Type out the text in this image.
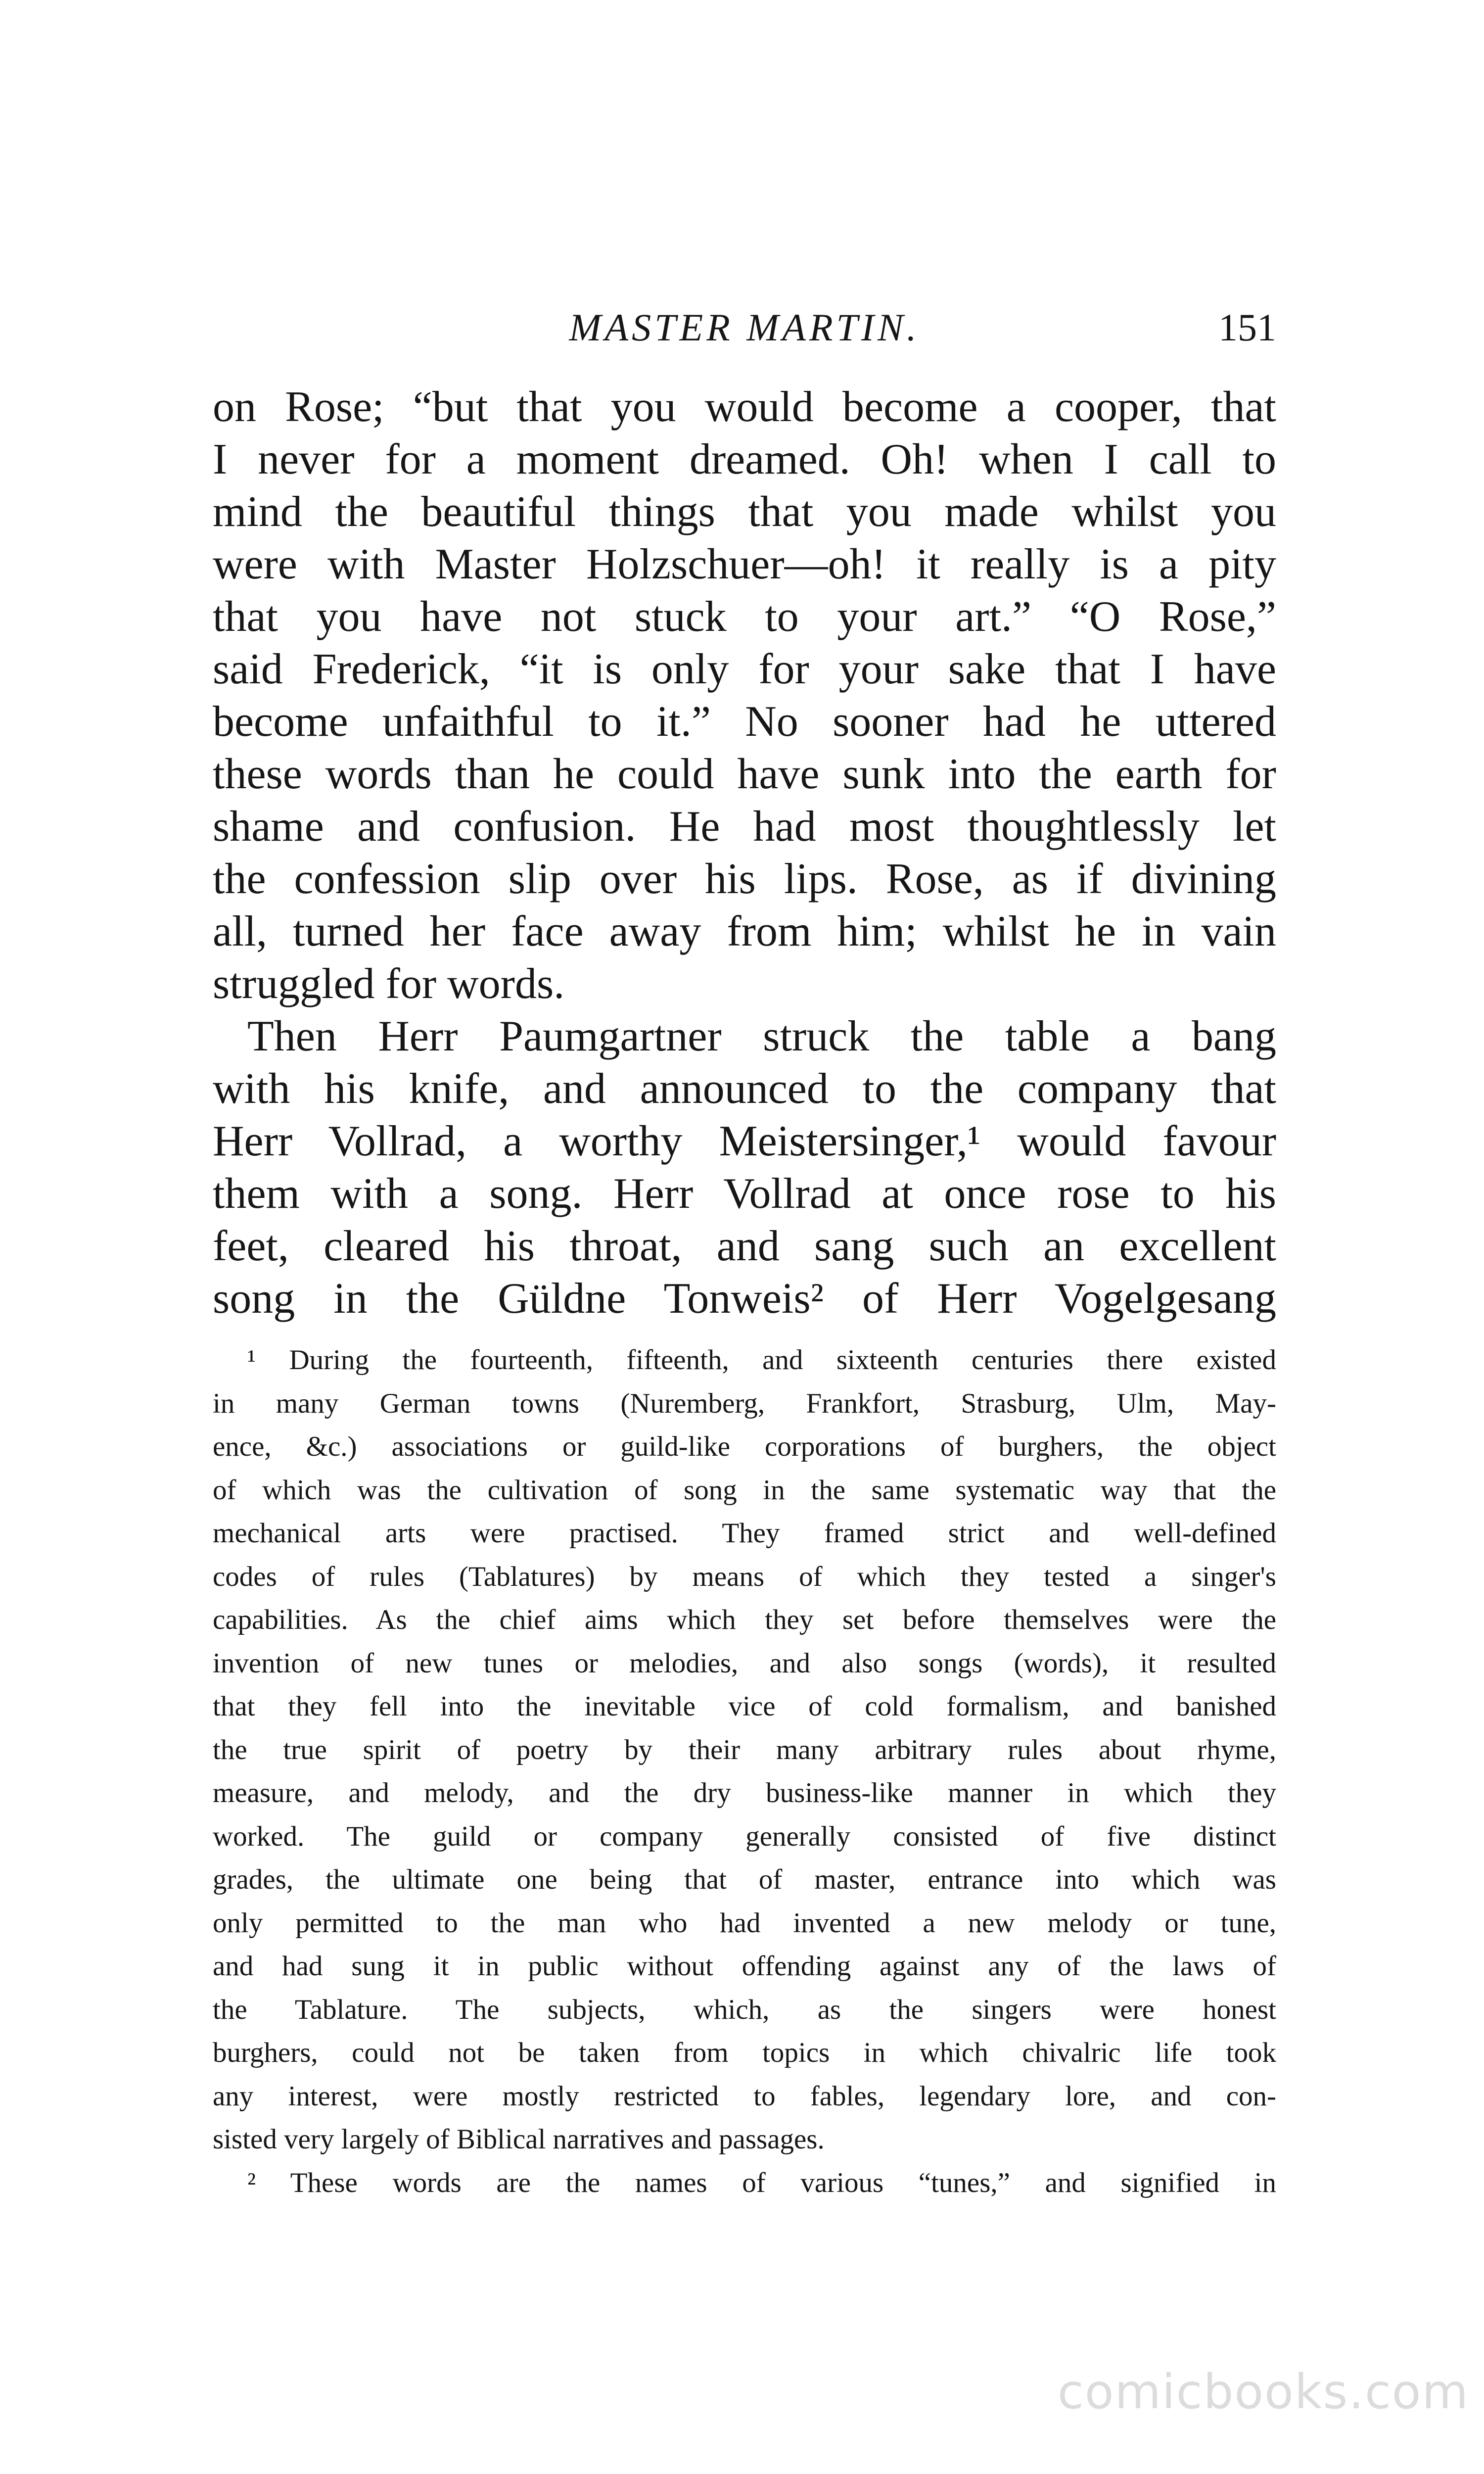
MASTER MARTIN.	151
on Rose; “but that you would become a cooper, that
I never for a moment dreamed. Oh! when I call to
mind the beautiful things that you made whilst you
were with Master Holzschuer—oh! it really is a pity
that you have not stuck to your art.” “O Rose,”
said Frederick, “it is only for your sake that I have
become unfaithful to it.” No sooner had he uttered
these words than he could have sunk into the earth for
shame and confusion. He had most thoughtlessly let
the confession slip over his lips. Rose, as if divining
all, turned her face away from him; whilst he in vain
struggled for words.
Then Herr Paumgartner struck the table a bang
with his knife, and announced to the company that
Herr Vollrad, a worthy Meistersinger,¹ would favour
them with a song. Herr Vollrad at once rose to his
feet, cleared his throat, and sang such an excellent
song in the Güldne Tonweis² of Herr Vogelgesang
¹ During the fourteenth, fifteenth, and sixteenth centuries there existed
in many German towns (Nuremberg, Frankfort, Strasburg, Ulm, May-
ence, &c.) associations or guild-like corporations of burghers, the object
of which was the cultivation of song in the same systematic way that the
mechanical arts were practised. They framed strict and well-defined
codes of rules (Tablatures) by means of which they tested a singer's
capabilities. As the chief aims which they set before themselves were the
invention of new tunes or melodies, and also songs (words), it resulted
that they fell into the inevitable vice of cold formalism, and banished
the true spirit of poetry by their many arbitrary rules about rhyme,
measure, and melody, and the dry business-like manner in which they
worked. The guild or company generally consisted of five distinct
grades, the ultimate one being that of master, entrance into which was
only permitted to the man who had invented a new melody or tune,
and had sung it in public without offending against any of the laws of
the Tablature. The subjects, which, as the singers were honest
burghers, could not be taken from topics in which chivalric life took
any interest, were mostly restricted to fables, legendary lore, and con-
sisted very largely of Biblical narratives and passages.
² These words are the names of various “tunes,” and signified in
comicbooks.com
